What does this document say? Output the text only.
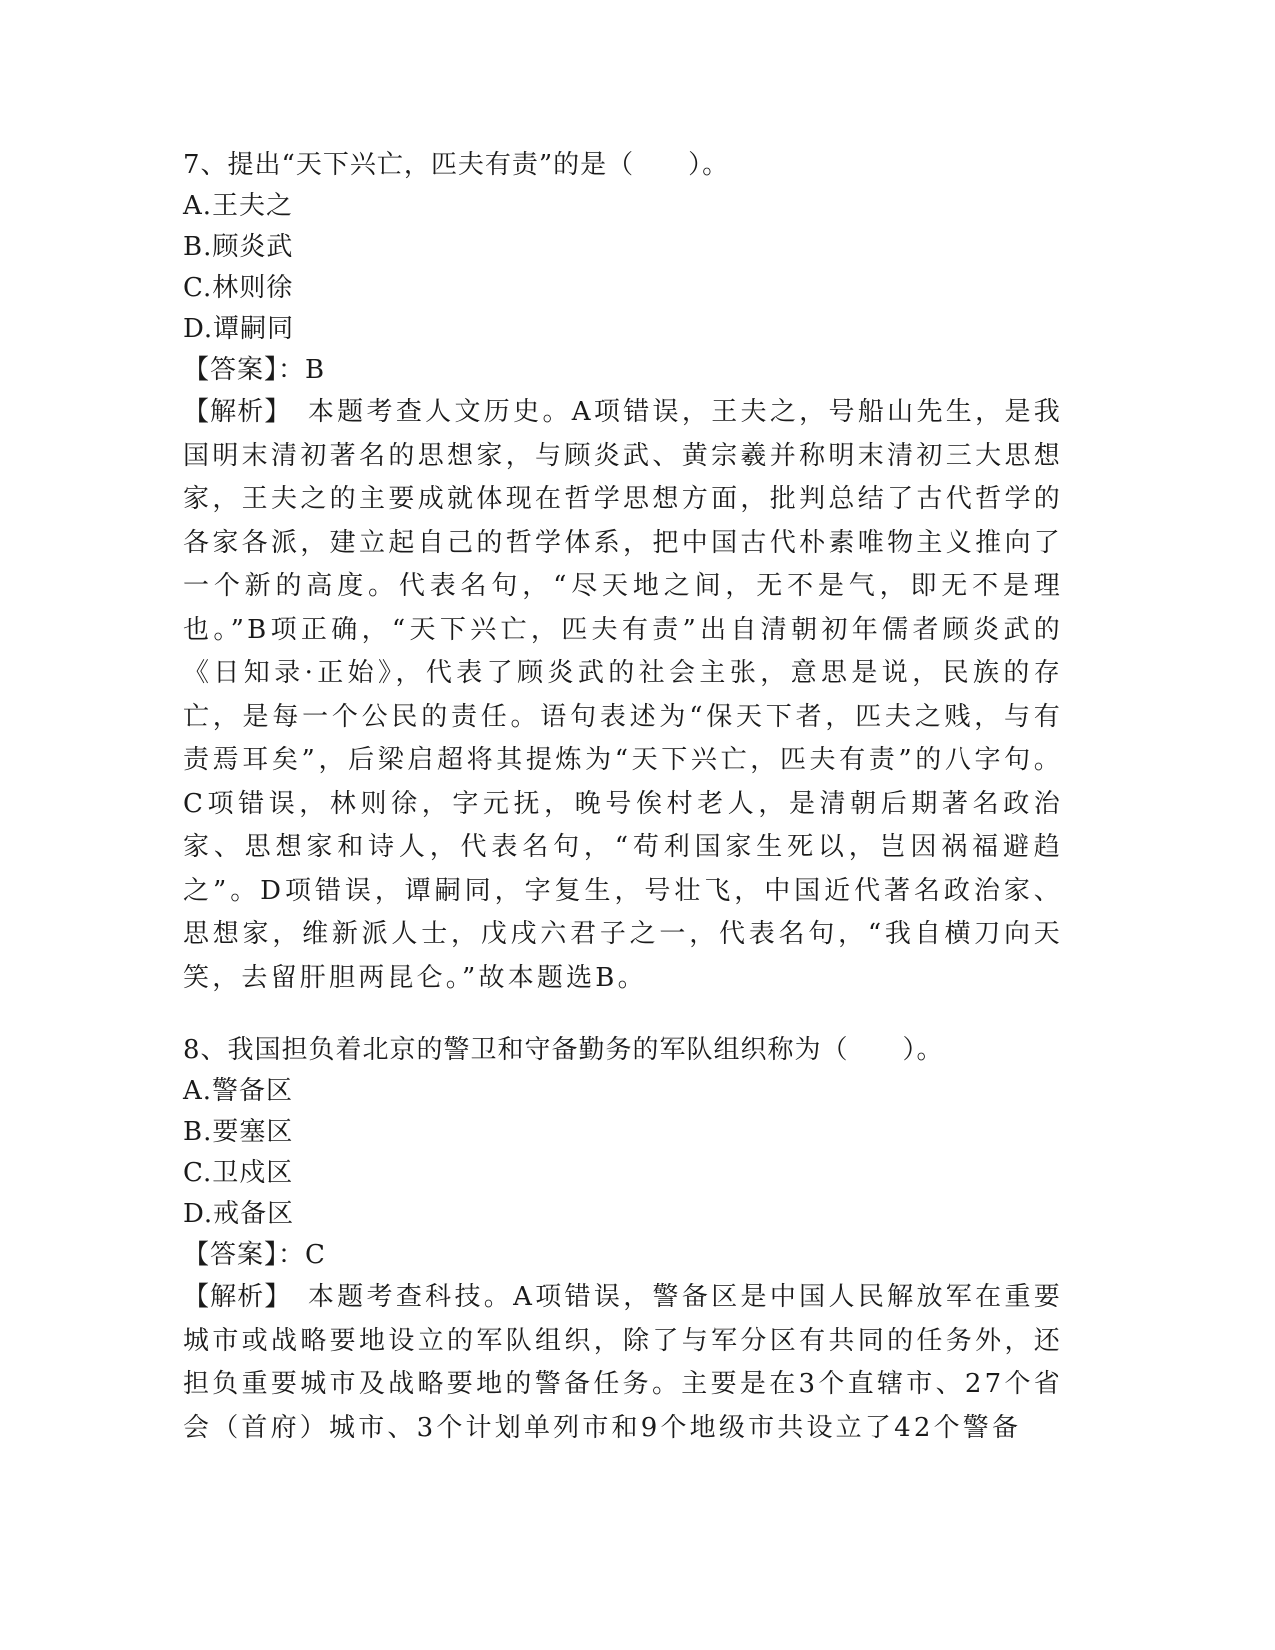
7、提出“天下兴亡，匹夫有责”的是（　　）。
A.王夫之
B.顾炎武
C.林则徐
D.谭嗣同
【答案】：B

【解析】　 本题考查人文历史。A项错误，王夫之，号船山先生，是我国明末清初著名的思想家，与顾炎武、黄宗羲并称明末清初三大思想家，王夫之的主要成就体现在哲学思想方面，批判总结了古代哲学的各家各派，建立起自己的哲学体系，把中国古代朴素唯物主义推向了一个新的高度。代表名句，“尽天地之间，无不是气，即无不是理也。”B项正确，“天下兴亡，匹夫有责”出自清朝初年儒者顾炎武的《日知录·正始》，代表了顾炎武的社会主张，意思是说，民族的存亡，是每一个公民的责任。语句表述为“保天下者，匹夫之贱，与有责焉耳矣”，后梁启超将其提炼为“天下兴亡，匹夫有责”的八字句。C项错误，林则徐，字元抚，晚号俟村老人，是清朝后期著名政治家、思想家和诗人，代表名句，“苟利国家生死以，岂因祸福避趋之”。D项错误，谭嗣同，字复生，号壮飞，中国近代著名政治家、思想家，维新派人士，戊戌六君子之一，代表名句，“我自横刀向天笑，去留肝胆两昆仑。”故本题选B。

8、我国担负着北京的警卫和守备勤务的军队组织称为（　　）。
A.警备区
B.要塞区
C.卫戍区
D.戒备区
【答案】：C

【解析】　 本题考查科技。A项错误，警备区是中国人民解放军在重要城市或战略要地设立的军队组织，除了与军分区有共同的任务外，还担负重要城市及战略要地的警备任务。主要是在3个直辖市、27个省会（首府）城市、3个计划单列市和9个地级市共设立了42个警备
